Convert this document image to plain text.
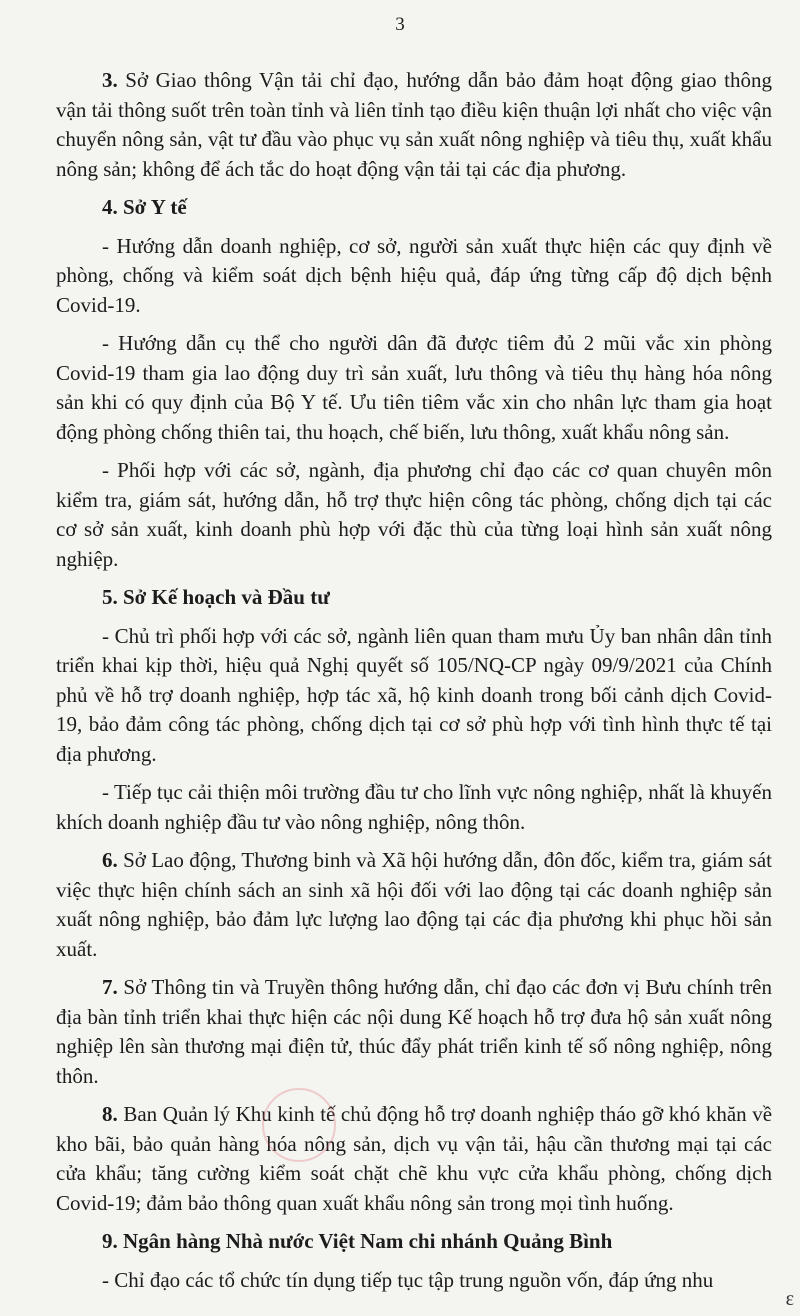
3

3. Sở Giao thông Vận tải chỉ đạo, hướng dẫn bảo đảm hoạt động giao thông vận tải thông suốt trên toàn tỉnh và liên tỉnh tạo điều kiện thuận lợi nhất cho việc vận chuyển nông sản, vật tư đầu vào phục vụ sản xuất nông nghiệp và tiêu thụ, xuất khẩu nông sản; không để ách tắc do hoạt động vận tải tại các địa phương.

4. Sở Y tế

- Hướng dẫn doanh nghiệp, cơ sở, người sản xuất thực hiện các quy định về phòng, chống và kiểm soát dịch bệnh hiệu quả, đáp ứng từng cấp độ dịch bệnh Covid-19.

- Hướng dẫn cụ thể cho người dân đã được tiêm đủ 2 mũi vắc xin phòng Covid-19 tham gia lao động duy trì sản xuất, lưu thông và tiêu thụ hàng hóa nông sản khi có quy định của Bộ Y tế. Ưu tiên tiêm vắc xin cho nhân lực tham gia hoạt động phòng chống thiên tai, thu hoạch, chế biến, lưu thông, xuất khẩu nông sản.

- Phối hợp với các sở, ngành, địa phương chỉ đạo các cơ quan chuyên môn kiểm tra, giám sát, hướng dẫn, hỗ trợ thực hiện công tác phòng, chống dịch tại các cơ sở sản xuất, kinh doanh phù hợp với đặc thù của từng loại hình sản xuất nông nghiệp.

5. Sở Kế hoạch và Đầu tư

- Chủ trì phối hợp với các sở, ngành liên quan tham mưu Ủy ban nhân dân tỉnh triển khai kịp thời, hiệu quả Nghị quyết số 105/NQ-CP ngày 09/9/2021 của Chính phủ về hỗ trợ doanh nghiệp, hợp tác xã, hộ kinh doanh trong bối cảnh dịch Covid-19, bảo đảm công tác phòng, chống dịch tại cơ sở phù hợp với tình hình thực tế tại địa phương.

- Tiếp tục cải thiện môi trường đầu tư cho lĩnh vực nông nghiệp, nhất là khuyến khích doanh nghiệp đầu tư vào nông nghiệp, nông thôn.

6. Sở Lao động, Thương binh và Xã hội hướng dẫn, đôn đốc, kiểm tra, giám sát việc thực hiện chính sách an sinh xã hội đối với lao động tại các doanh nghiệp sản xuất nông nghiệp, bảo đảm lực lượng lao động tại các địa phương khi phục hồi sản xuất.

7. Sở Thông tin và Truyền thông hướng dẫn, chỉ đạo các đơn vị Bưu chính trên địa bàn tỉnh triển khai thực hiện các nội dung Kế hoạch hỗ trợ đưa hộ sản xuất nông nghiệp lên sàn thương mại điện tử, thúc đẩy phát triển kinh tế số nông nghiệp, nông thôn.

8. Ban Quản lý Khu kinh tế chủ động hỗ trợ doanh nghiệp tháo gỡ khó khăn về kho bãi, bảo quản hàng hóa nông sản, dịch vụ vận tải, hậu cần thương mại tại các cửa khẩu; tăng cường kiểm soát chặt chẽ khu vực cửa khẩu phòng, chống dịch Covid-19; đảm bảo thông quan xuất khẩu nông sản trong mọi tình huống.

9. Ngân hàng Nhà nước Việt Nam chi nhánh Quảng Bình

- Chỉ đạo các tổ chức tín dụng tiếp tục tập trung nguồn vốn, đáp ứng nhu

ε
